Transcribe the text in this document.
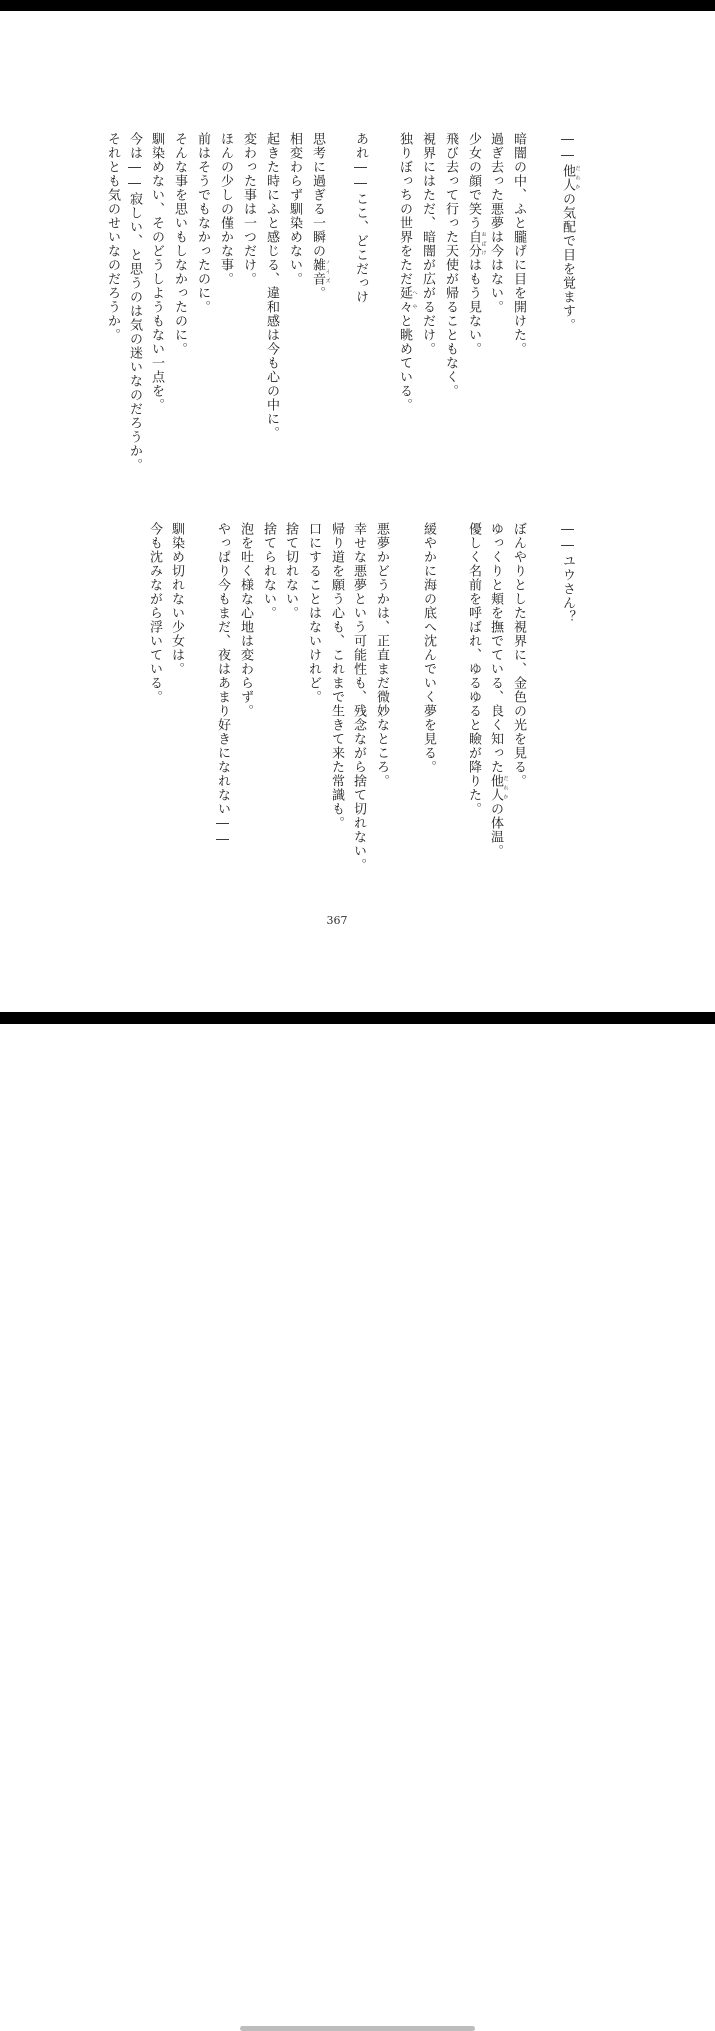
――他人 だれかの気配で目を覚ます。
暗闇の中、ふと朧げに目を開けた。
過ぎ去った悪夢は今はない。
少女の顔で笑う自分 おばけはもう見ない。
飛び去って行った天使が帰ることもなく。
視界にはただ、暗闇が広がるだけ。
独りぼっちの世界をただ延々 へやと眺めている。
あれ――ここ、どこだっけ
思考に過ぎる一瞬の雑音 ノイズ。
相変わらず馴染めない。
起きた時にふと感じる、違和感は今も心の中に。
変わった事は一つだけ。
ほんの少しの僅かな事。
前はそうでもなかったのに。
そんな事を思いもしなかったのに。
馴染めない、そのどうしようもない一点を。
今は――寂しい、と思うのは気の迷いなのだろうか。
それとも気のせいなのだろうか。
――ユウさん？
ぼんやりとした視界に、金色の光を見る。
ゆっくりと頬を撫でている、良く知った他人 だれかの体温。
優しく名前を呼ばれ、ゆるゆると瞼が降りた。
緩やかに海の底へ沈んでいく夢を見る。
悪夢かどうかは、正直まだ微妙なところ。
幸せな悪夢という可能性も、残念ながら捨て切れない。
帰り道を願う心も、これまで生きて来た常識も。
口にすることはないけれど。
捨て切れない。
捨てられない。
泡を吐く様な心地は変わらず。
やっぱり今もまだ、夜はあまり好きになれない――
馴染め切れない少女は。
今も沈みながら浮いている。
367
